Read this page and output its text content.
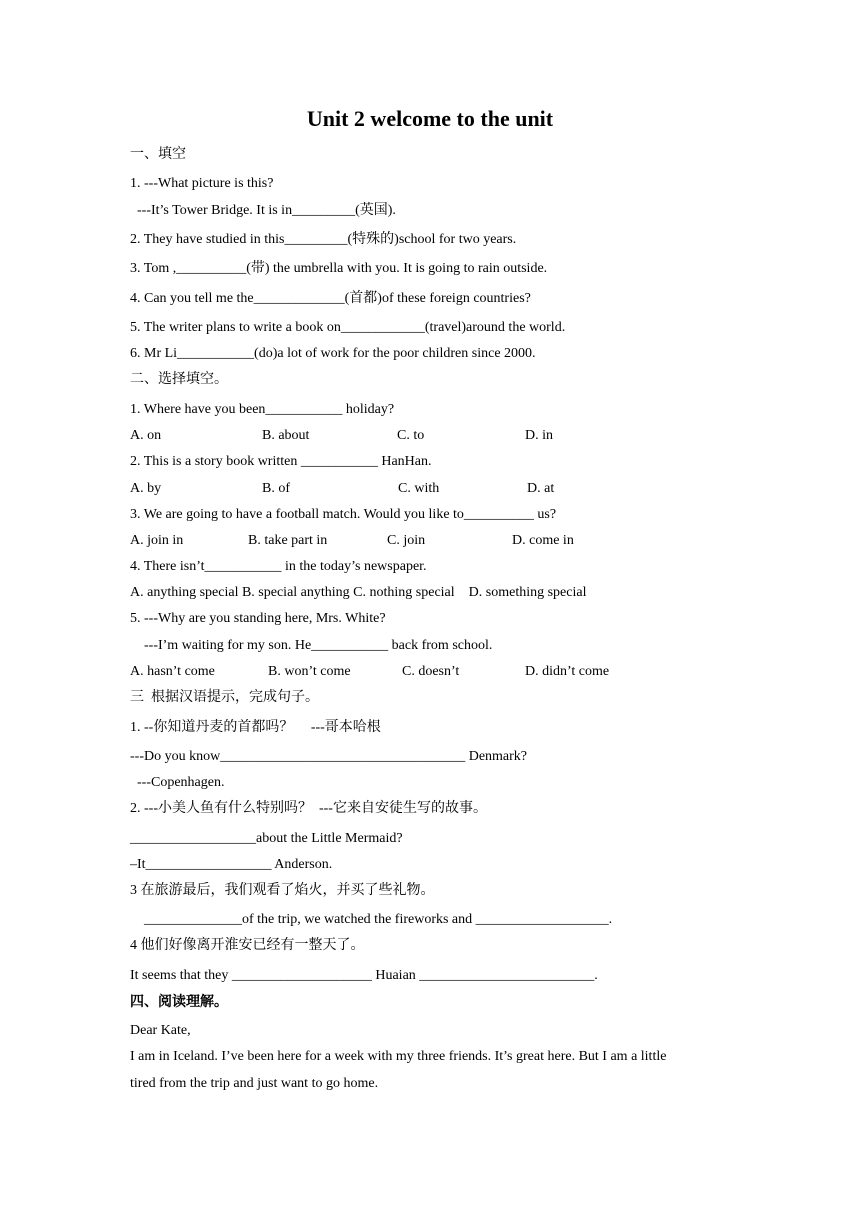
Unit 2 welcome to the unit
一、填空
1. ---What picture is this?
---It’s Tower Bridge. It is in_________(英国).
2. They have studied in this_________(特殊的)school for two years.
3. Tom ,__________(带) the umbrella with you. It is going to rain outside.
4. Can you tell me the_____________(首都)of these foreign countries?
5. The writer plans to write a book on____________(travel)around the world.
6. Mr Li___________(do)a lot of work for the poor children since 2000.
二、选择填空。
1. Where have you been___________ holiday?
A. on	B. about	C. to	D. in
2. This is a story book written ___________ HanHan.
A. by	B. of	C. with	D. at
3. We are going to have a football match. Would you like to__________ us?
A. join in	B. take part in	C. join	D. come in
4. There isn’t___________ in the today’s newspaper.
A. anything special B. special anything C. nothing special    D. something special
5. ---Why are you standing here, Mrs. White?
---I’m waiting for my son. He___________ back from school.
A. hasn’t come	B. won’t come	C. doesn’t	D. didn’t come
三  根据汉语提示，完成句子。
1. --你知道丹麦的首都吗？     ---哥本哈根
---Do you know___________________________________ Denmark?
---Copenhagen.
2. ---小美人鱼有什么特别吗？  ---它来自安徒生写的故事。
__________________about the Little Mermaid?
–It__________________ Anderson.
3 在旅游最后，我们观看了焰火，并买了些礼物。
______________of the trip, we watched the fireworks and ___________________.
4 他们好像离开淮安已经有一整天了。
It seems that they ____________________ Huaian _________________________.
四、阅读理解。
Dear Kate,
I am in Iceland. I’ve been here for a week with my three friends. It’s great here. But I am a little
tired from the trip and just want to go home.
